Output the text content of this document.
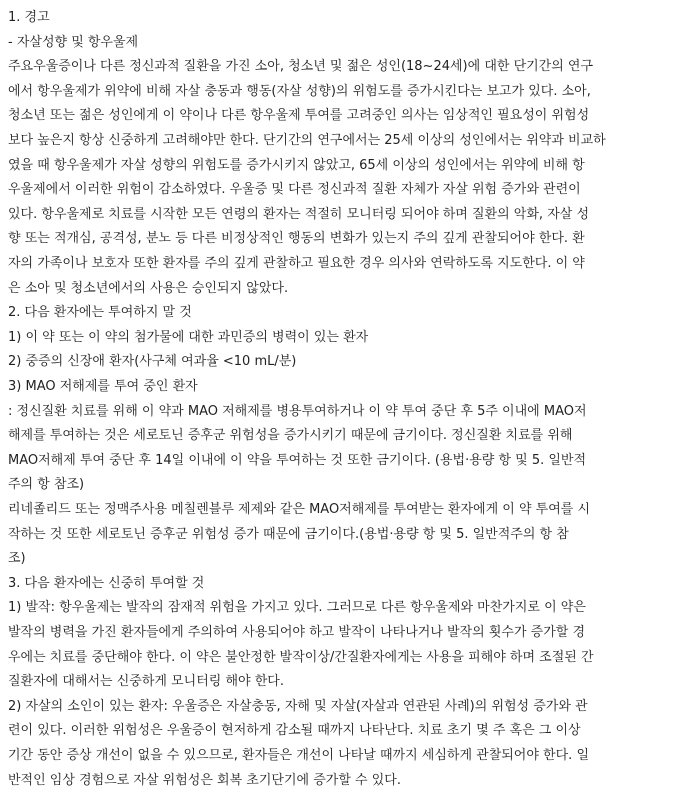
1. 경고
- 자살성향 및 항우울제
주요우울증이나 다른 정신과적 질환을 가진 소아, 청소년 및 젊은 성인(18~24세)에 대한 단기간의 연구
에서 항우울제가 위약에 비해 자살 충동과 행동(자살 성향)의 위험도를 증가시킨다는 보고가 있다. 소아,
청소년 또는 젊은 성인에게 이 약이나 다른 항우울제 투여를 고려중인 의사는 임상적인 필요성이 위험성
보다 높은지 항상 신중하게 고려해야만 한다. 단기간의 연구에서는 25세 이상의 성인에서는 위약과 비교하
였을 때 항우울제가 자살 성향의 위험도를 증가시키지 않았고, 65세 이상의 성인에서는 위약에 비해 항
우울제에서 이러한 위험이 감소하였다. 우울증 및 다른 정신과적 질환 자체가 자살 위험 증가와 관련이
있다. 항우울제로 치료를 시작한 모든 연령의 환자는 적절히 모니터링 되어야 하며 질환의 악화, 자살 성
향 또는 적개심, 공격성, 분노 등 다른 비정상적인 행동의 변화가 있는지 주의 깊게 관찰되어야 한다. 환
자의 가족이나 보호자 또한 환자를 주의 깊게 관찰하고 필요한 경우 의사와 연락하도록 지도한다. 이 약
은 소아 및 청소년에서의 사용은 승인되지 않았다.
2. 다음 환자에는 투여하지 말 것
1) 이 약 또는 이 약의 첨가물에 대한 과민증의 병력이 있는 환자
2) 중증의 신장애 환자(사구체 여과율 <10 mL/분)
3) MAO 저해제를 투여 중인 환자
: 정신질환 치료를 위해 이 약과 MAO 저해제를 병용투여하거나 이 약 투여 중단 후 5주 이내에 MAO저
해제를 투여하는 것은 세로토닌 증후군 위험성을 증가시키기 때문에 금기이다. 정신질환 치료를 위해
MAO저해제 투여 중단 후 14일 이내에 이 약을 투여하는 것 또한 금기이다. (용법·용량 항 및 5. 일반적
주의 항 참조)
리네졸리드 또는 정맥주사용 메칠렌블루 제제와 같은 MAO저해제를 투여받는 환자에게 이 약 투여를 시
작하는 것 또한 세로토닌 증후군 위험성 증가 때문에 금기이다.(용법·용량 항 및 5. 일반적주의 항 참
조)
3. 다음 환자에는 신중히 투여할 것
1) 발작: 항우울제는 발작의 잠재적 위험을 가지고 있다. 그러므로 다른 항우울제와 마찬가지로 이 약은
발작의 병력을 가진 환자들에게 주의하여 사용되어야 하고 발작이 나타나거나 발작의 횟수가 증가할 경
우에는 치료를 중단해야 한다. 이 약은 불안정한 발작이상/간질환자에게는 사용을 피해야 하며 조절된 간
질환자에 대해서는 신중하게 모니터링 해야 한다.
2) 자살의 소인이 있는 환자: 우울증은 자살충동, 자해 및 자살(자살과 연관된 사례)의 위험성 증가와 관
련이 있다. 이러한 위험성은 우울증이 현저하게 감소될 때까지 나타난다. 치료 초기 몇 주 혹은 그 이상
기간 동안 증상 개선이 없을 수 있으므로, 환자들은 개선이 나타날 때까지 세심하게 관찰되어야 한다. 일
반적인 임상 경험으로 자살 위험성은 회복 초기단기에 증가할 수 있다.
